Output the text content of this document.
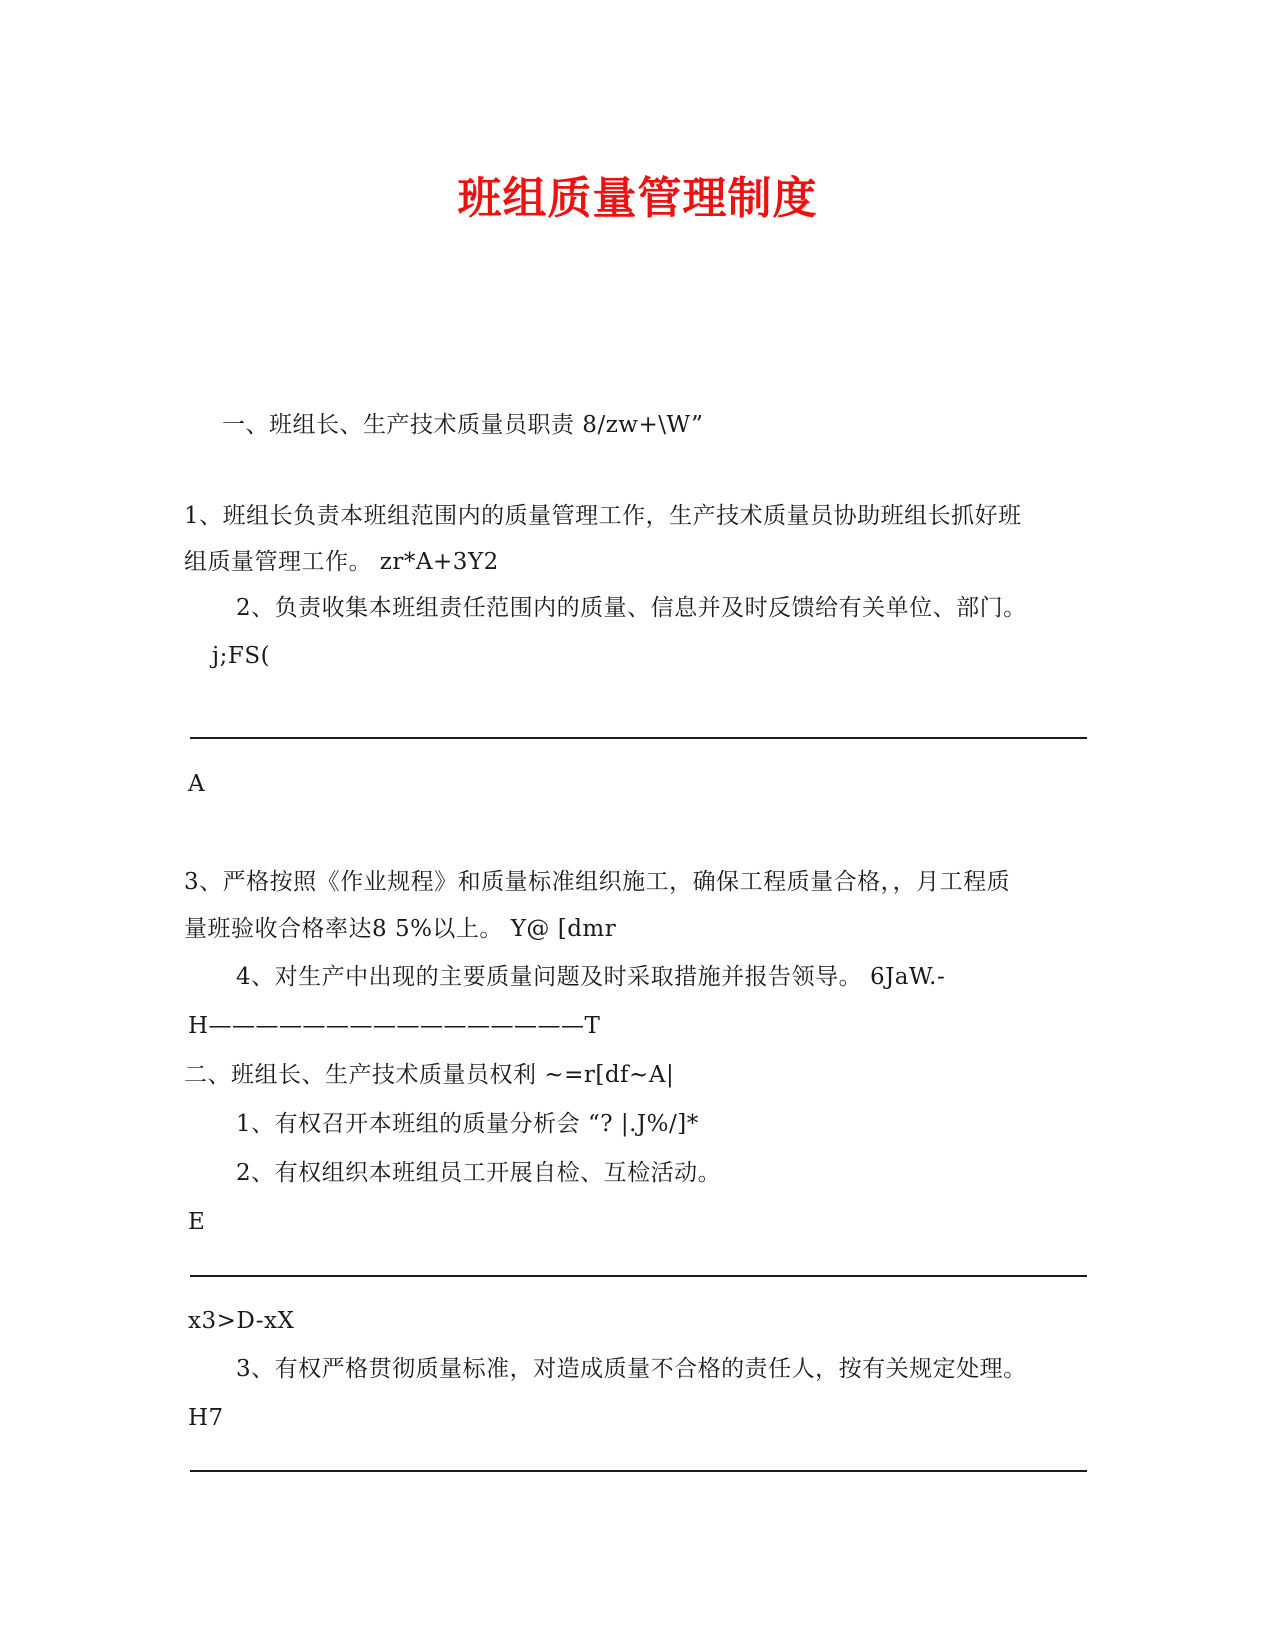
班组质量管理制度
一、班组长、生产技术质量员职责 8/zw+\W”
1、班组长负责本班组范围内的质量管理工作，生产技术质量员协助班组长抓好班
组质量管理工作。 zr*A+3Y2
2、负责收集本班组责任范围内的质量、信息并及时反馈给有关单位、部门。
j;FS(
A
3、严格按照《作业规程》和质量标准组织施工，确保工程质量合格，，月工程质
量班验收合格率达8 5%以上。 Y@ [dmr
4、对生产中出现的主要质量问题及时采取措施并报告领导。 6JaW.-
H————————————————T
二、班组长、生产技术质量员权利 ~=r[df~A|
1、有权召开本班组的质量分析会 “? |.J%/]*
2、有权组织本班组员工开展自检、互检活动。
E
x3>D-xX
3、有权严格贯彻质量标准，对造成质量不合格的责任人，按有关规定处理。
H7
